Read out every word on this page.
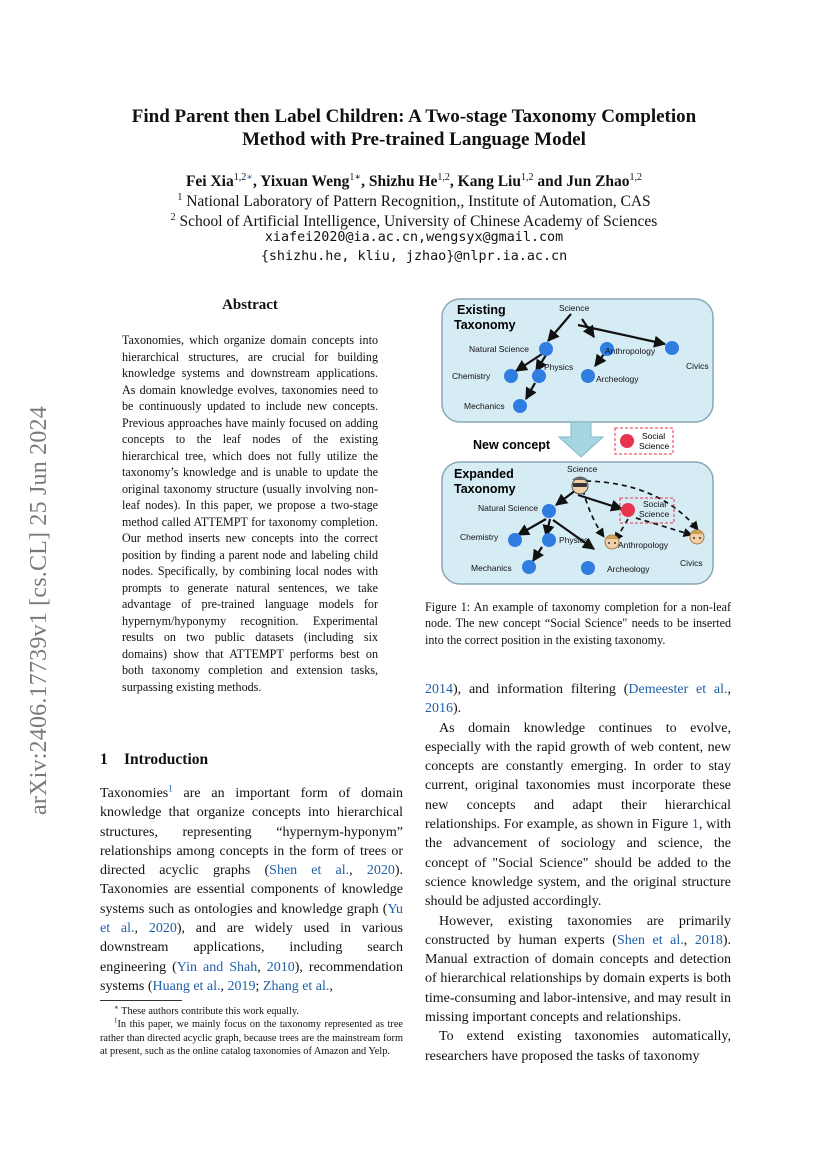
arXiv:2406.17739v1 [cs.CL] 25 Jun 2024
Find Parent then Label Children: A Two-stage Taxonomy Completion
Method with Pre-trained Language Model
Fei Xia$^{1,2∗}$, Yixuan Weng$^{1∗}$, Shizhu He$^{1,2}$, Kang Liu$^{1,2}$ and Jun Zhao$^{1,2}$
$^1$ National Laboratory of Pattern Recognition,, Institute of Automation, CAS
$^2$ School of Artificial Intelligence, University of Chinese Academy of Sciences
xiafei2020@ia.ac.cn,wengsyx@gmail.com
{shizhu.he, kliu, jzhao}@nlpr.ia.ac.cn
Abstract
Taxonomies, which organize domain concepts into hierarchical structures, are crucial for building knowledge systems and downstream applications. As domain knowledge evolves, taxonomies need to be continuously updated to include new concepts. Previous approaches have mainly focused on adding concepts to the leaf nodes of the existing hierarchical tree, which does not fully utilize the taxonomy’s knowledge and is unable to update the original taxonomy structure (usually involving non-leaf nodes). In this paper, we propose a two-stage method called ATTEMPT for taxonomy completion. Our method inserts new concepts into the correct position by finding a parent node and labeling child nodes. Specifically, by combining local nodes with prompts to generate natural sentences, we take advantage of pre-trained language models for hypernym/hyponymy recognition. Experimental results on two public datasets (including six domains) show that ATTEMPT performs best on both taxonomy completion and extension tasks, surpassing existing methods.
1 Introduction
Taxonomies$^1$ are an important form of domain knowledge that organize concepts into hierarchical structures, representing “hypernym-hyponym” relationships among concepts in the form of trees or directed acyclic graphs (Shen et al., 2020). Taxonomies are essential components of knowledge systems such as ontologies and knowledge graph (Yu et al., 2020), and are widely used in various downstream applications, including search engineering (Yin and Shah, 2010), recommendation systems (Huang et al., 2019; Zhang et al.,

∗ These authors contribute this work equally.

$^1$In this paper, we mainly focus on the taxonomy represented as tree rather than directed acyclic graph, because trees are the mainstream form at present, such as the online catalog taxonomies of Amazon and Yelp.

Existing
Taxonomy
Science
Natural Science	Anthropology
Civics
Physics
Chemistry	Archeology
Mechanics
New concept
Social
Science
Expanded
Taxonomy
Science
Natural Science	Social
Science
Chemistry	Physics	Anthropology
Civics
Mechanics	Archeology
Figure 1: An example of taxonomy completion for a non-leaf node. The new concept “Social Science" needs to be inserted into the correct position in the existing taxonomy.

2014), and information filtering (Demeester et al., 2016).

As domain knowledge continues to evolve, especially with the rapid growth of web content, new concepts are constantly emerging. In order to stay current, original taxonomies must incorporate these new concepts and adapt their hierarchical relationships. For example, as shown in Figure 1, with the advancement of sociology and science, the concept of "Social Science" should be added to the science knowledge system, and the original structure should be adjusted accordingly.

However, existing taxonomies are primarily constructed by human experts (Shen et al., 2018). Manual extraction of domain concepts and detection of hierarchical relationships by domain experts is both time-consuming and labor-intensive, and may result in missing important concepts and relationships.

To extend existing taxonomies automatically, researchers have proposed the tasks of taxonomy
